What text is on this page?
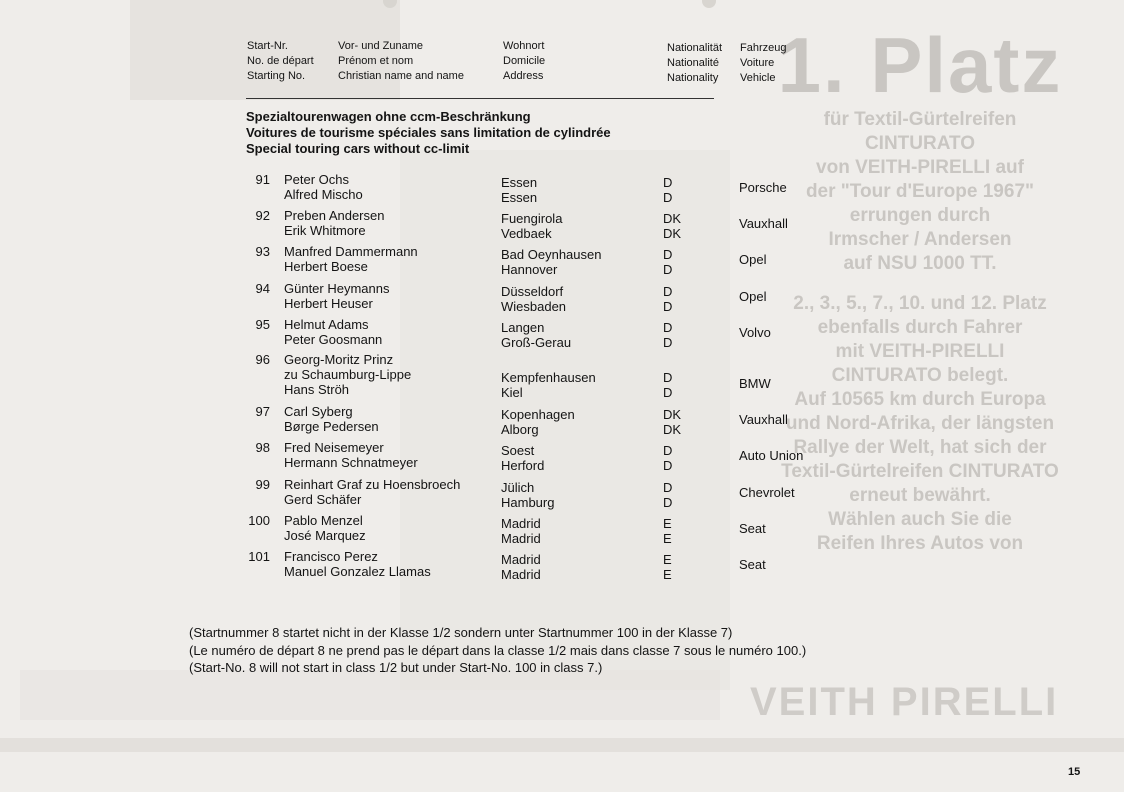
1. Platz
für Textil-Gürtelreifen
CINTURATO
von VEITH-PIRELLI auf
der "Tour d'Europe 1967"
errungen durch
Irmscher / Andersen
auf NSU 1000 TT.
2., 3., 5., 7., 10. und 12. Platz
ebenfalls durch Fahrer
mit VEITH-PIRELLI
CINTURATO belegt.
Auf 10565 km durch Europa
und Nord-Afrika, der längsten
Rallye der Welt, hat sich der
Textil-Gürtelreifen CINTURATO
erneut bewährt.
Wählen auch Sie die
Reifen Ihres Autos von
VEITH PIRELLI
Start-Nr.
No. de départ
Starting No.
Vor- und Zuname
Prénom et nom
Christian name and name
Wohnort
Domicile
Address
Nationalität
Nationalité
Nationality
Fahrzeug
Voiture
Vehicle
Spezialtourenwagen ohne ccm-Beschränkung
Voitures de tourisme spéciales sans limitation de cylindrée
Special touring cars without cc-limit
91 Peter Ochs
Alfred Mischo
Essen
Essen
D
D
Porsche
92 Preben Andersen
Erik Whitmore
Fuengirola
Vedbaek
DK
DK
Vauxhall
93 Manfred Dammermann
Herbert Boese
Bad Oeynhausen
Hannover
D
D
Opel
94 Günter Heymanns
Herbert Heuser
Düsseldorf
Wiesbaden
D
D
Opel
95 Helmut Adams
Peter Goosmann
Langen
Groß-Gerau
D
D
Volvo
96 Georg-Moritz Prinz
zu Schaumburg-Lippe
Hans Ströh
Kempfenhausen
Kiel
D
D
BMW
97 Carl Syberg
Børge Pedersen
Kopenhagen
Alborg
DK
DK
Vauxhall
98 Fred Neisemeyer
Hermann Schnatmeyer
Soest
Herford
D
D
Auto Union
99 Reinhart Graf zu Hoensbroech
Gerd Schäfer
Jülich
Hamburg
D
D
Chevrolet
100 Pablo Menzel
José Marquez
Madrid
Madrid
E
E
Seat
101 Francisco Perez
Manuel Gonzalez Llamas
Madrid
Madrid
E
E
Seat
(Startnummer 8 startet nicht in der Klasse 1/2 sondern unter Startnummer 100 in der Klasse 7)
(Le numéro de départ 8 ne prend pas le départ dans la classe 1/2 mais dans classe 7 sous le numéro 100.)
(Start-No. 8 will not start in class 1/2 but under Start-No. 100 in class 7.)
15
